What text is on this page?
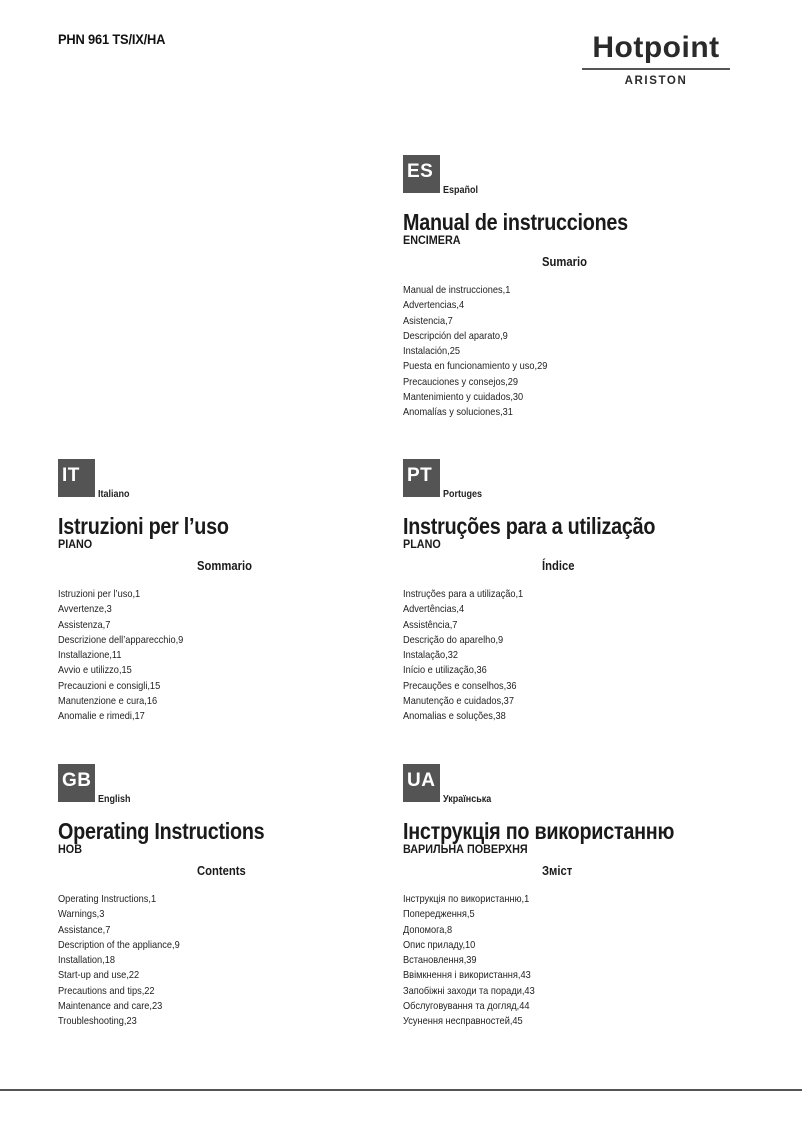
PHN 961 TS/IX/HA	Hotpoint
ARISTON
ES
Español
Manual de instrucciones
ENCIMERA
Sumario
Manual de instrucciones,1
Advertencias,4
Asistencia,7
Descripción del aparato,9
Instalación,25
Puesta en funcionamiento y uso,29
Precauciones y consejos,29
Mantenimiento y cuidados,30
Anomalías y soluciones,31
IT
Italiano
Istruzioni per l’uso
PIANO
Sommario
Istruzioni per l’uso,1
Avvertenze,3
Assistenza,7
Descrizione dell’apparecchio,9
Installazione,11
Avvio e utilizzo,15
Precauzioni e consigli,15
Manutenzione e cura,16
Anomalie e rimedi,17
PT
Portuges
Instruções para a utilização
PLANO
Índice
Instruções para a utilização,1
Advertências,4
Assistência,7
Descrição do aparelho,9
Instalação,32
Início e utilização,36
Precauções e conselhos,36
Manutenção e cuidados,37
Anomalias e soluções,38
GB
English
Operating Instructions
HOB
Contents
Operating Instructions,1
Warnings,3
Assistance,7
Description of the appliance,9
Installation,18
Start-up and use,22
Precautions and tips,22
Maintenance and care,23
Troubleshooting,23
UA
Українська
Інструкція по використанню
ВАРИЛЬНА ПОВЕРХНЯ
Зміст
Інструкція по використанню,1
Попередження,5
Допомога,8
Опис приладу,10
Встановлення,39
Ввімкнення і використання,43
Запобіжні заходи та поради,43
Обслуговування та догляд,44
Усунення несправностей,45
